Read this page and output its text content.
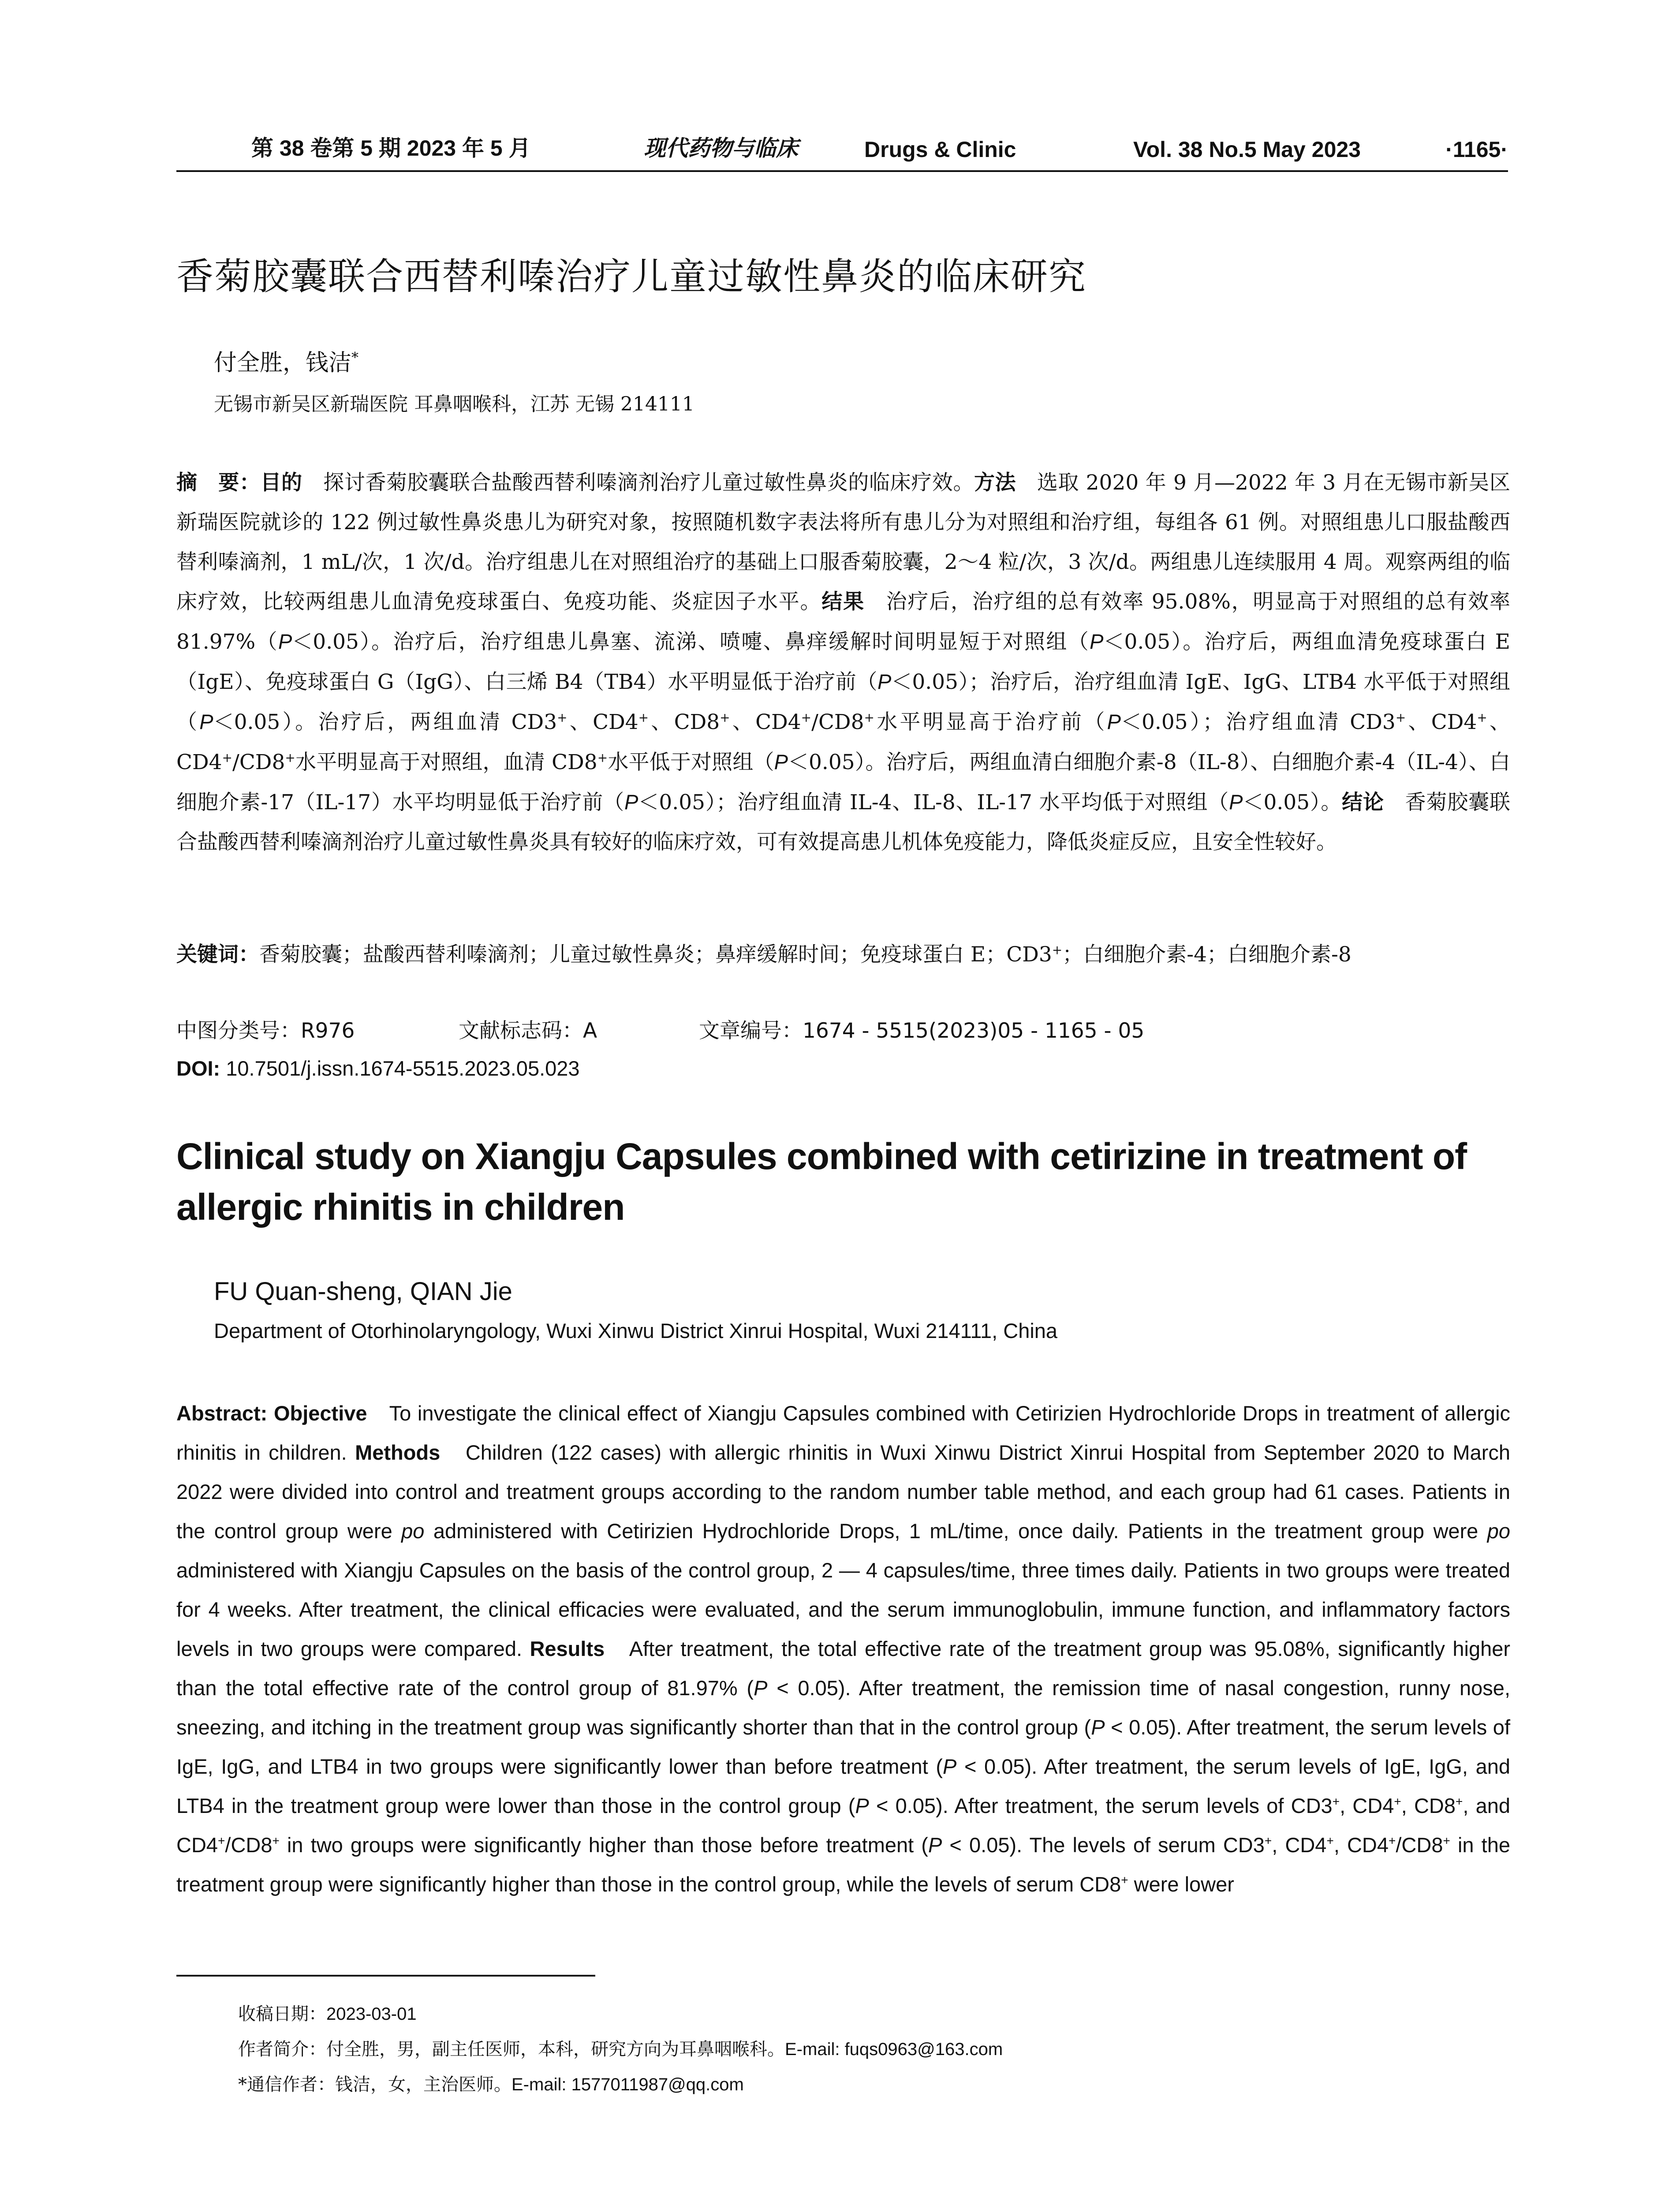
第 38 卷第 5 期 2023 年 5 月	现代药物与临床	Drugs & Clinic	Vol. 38 No.5 May 2023	·1165·
香菊胶囊联合西替利嗪治疗儿童过敏性鼻炎的临床研究
付全胜，钱洁*
无锡市新吴区新瑞医院 耳鼻咽喉科，江苏 无锡 214111
摘　要：目的　探讨香菊胶囊联合盐酸西替利嗪滴剂治疗儿童过敏性鼻炎的临床疗效。方法　选取 2020 年 9 月—2022 年 3 月在无锡市新吴区新瑞医院就诊的 122 例过敏性鼻炎患儿为研究对象，按照随机数字表法将所有患儿分为对照组和治疗组，每组各 61 例。对照组患儿口服盐酸西替利嗪滴剂，1 mL/次，1 次/d。治疗组患儿在对照组治疗的基础上口服香菊胶囊，2～4 粒/次，3 次/d。两组患儿连续服用 4 周。观察两组的临床疗效，比较两组患儿血清免疫球蛋白、免疫功能、炎症因子水平。结果　治疗后，治疗组的总有效率 95.08%，明显高于对照组的总有效率 81.97%（P＜0.05）。治疗后，治疗组患儿鼻塞、流涕、喷嚏、鼻痒缓解时间明显短于对照组（P＜0.05）。治疗后，两组血清免疫球蛋白 E（IgE）、免疫球蛋白 G（IgG）、白三烯 B4（TB4）水平明显低于治疗前（P＜0.05）；治疗后，治疗组血清 IgE、IgG、LTB4 水平低于对照组（P＜0.05）。治疗后，两组血清 CD3+、CD4+、CD8+、CD4+/CD8+水平明显高于治疗前（P＜0.05）；治疗组血清 CD3+、CD4+、CD4+/CD8+水平明显高于对照组，血清 CD8+水平低于对照组（P＜0.05）。治疗后，两组血清白细胞介素-8（IL-8）、白细胞介素-4（IL-4）、白细胞介素-17（IL-17）水平均明显低于治疗前（P＜0.05）；治疗组血清 IL-4、IL-8、IL-17 水平均低于对照组（P＜0.05）。结论　香菊胶囊联合盐酸西替利嗪滴剂治疗儿童过敏性鼻炎具有较好的临床疗效，可有效提高患儿机体免疫能力，降低炎症反应，且安全性较好。
关键词：香菊胶囊；盐酸西替利嗪滴剂；儿童过敏性鼻炎；鼻痒缓解时间；免疫球蛋白 E；CD3+；白细胞介素-4；白细胞介素-8
中图分类号：R976	文献标志码：A	文章编号：1674 - 5515(2023)05 - 1165 - 05
DOI: 10.7501/j.issn.1674-5515.2023.05.023
Clinical study on Xiangju Capsules combined with cetirizine in treatment of allergic rhinitis in children
FU Quan-sheng, QIAN Jie
Department of Otorhinolaryngology, Wuxi Xinwu District Xinrui Hospital, Wuxi 214111, China
Abstract: Objective　To investigate the clinical effect of Xiangju Capsules combined with Cetirizien Hydrochloride Drops in treatment of allergic rhinitis in children. Methods　Children (122 cases) with allergic rhinitis in Wuxi Xinwu District Xinrui Hospital from September 2020 to March 2022 were divided into control and treatment groups according to the random number table method, and each group had 61 cases. Patients in the control group were po administered with Cetirizien Hydrochloride Drops, 1 mL/time, once daily. Patients in the treatment group were po administered with Xiangju Capsules on the basis of the control group, 2 — 4 capsules/time, three times daily. Patients in two groups were treated for 4 weeks. After treatment, the clinical efficacies were evaluated, and the serum immunoglobulin, immune function, and inflammatory factors levels in two groups were compared. Results　After treatment, the total effective rate of the treatment group was 95.08%, significantly higher than the total effective rate of the control group of 81.97% (P < 0.05). After treatment, the remission time of nasal congestion, runny nose, sneezing, and itching in the treatment group was significantly shorter than that in the control group (P < 0.05). After treatment, the serum levels of IgE, IgG, and LTB4 in two groups were significantly lower than before treatment (P < 0.05). After treatment, the serum levels of IgE, IgG, and LTB4 in the treatment group were lower than those in the control group (P < 0.05). After treatment, the serum levels of CD3+, CD4+, CD8+, and CD4+/CD8+ in two groups were significantly higher than those before treatment (P < 0.05). The levels of serum CD3+, CD4+, CD4+/CD8+ in the treatment group were significantly higher than those in the control group, while the levels of serum CD8+ were lower
收稿日期：2023-03-01
作者简介：付全胜，男，副主任医师，本科，研究方向为耳鼻咽喉科。E-mail: fuqs0963@163.com
*通信作者：钱洁，女，主治医师。E-mail: 1577011987@qq.com
